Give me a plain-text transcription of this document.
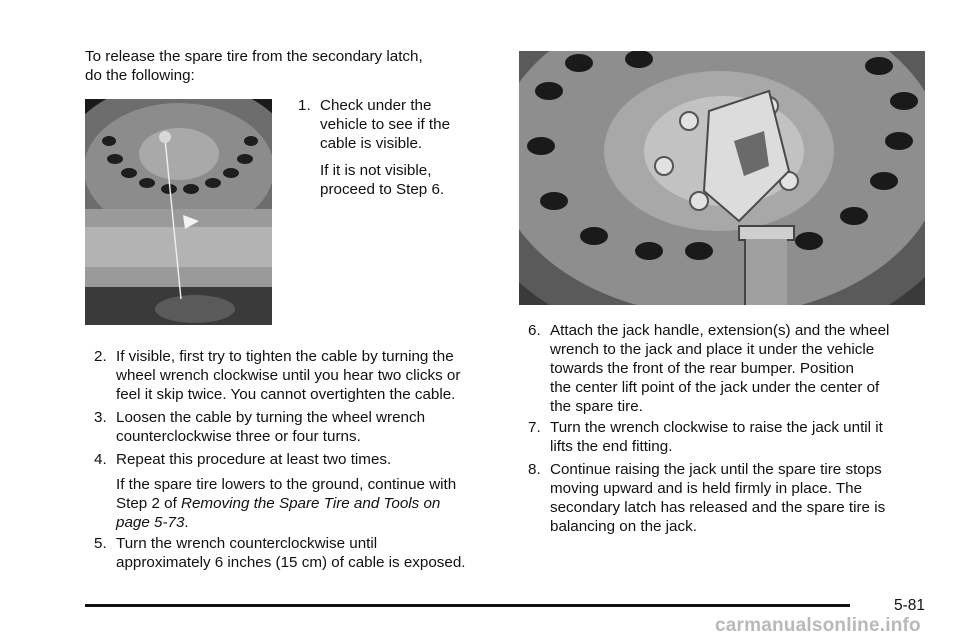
To release the spare tire from the secondary latch,

do the following:

1. Check under the

vehicle to see if the

cable is visible.

If it is not visible,

proceed to Step 6.

2. If visible, first try to tighten the cable by turning the

wheel wrench clockwise until you hear two clicks or

feel it skip twice. You cannot overtighten the cable.

3. Loosen the cable by turning the wheel wrench

counterclockwise three or four turns.

4. Repeat this procedure at least two times.

If the spare tire lowers to the ground, continue with

Step 2 of Removing the Spare Tire and Tools on

page 5-73.

5. Turn the wrench counterclockwise until

approximately 6 inches (15 cm) of cable is exposed.

6. Attach the jack handle, extension(s) and the wheel

wrench to the jack and place it under the vehicle

towards the front of the rear bumper. Position

the center lift point of the jack under the center of

the spare tire.

7. Turn the wrench clockwise to raise the jack until it

lifts the end fitting.

8. Continue raising the jack until the spare tire stops

moving upward and is held firmly in place. The

secondary latch has released and the spare tire is

balancing on the jack.

5-81
carmanualsonline.info
